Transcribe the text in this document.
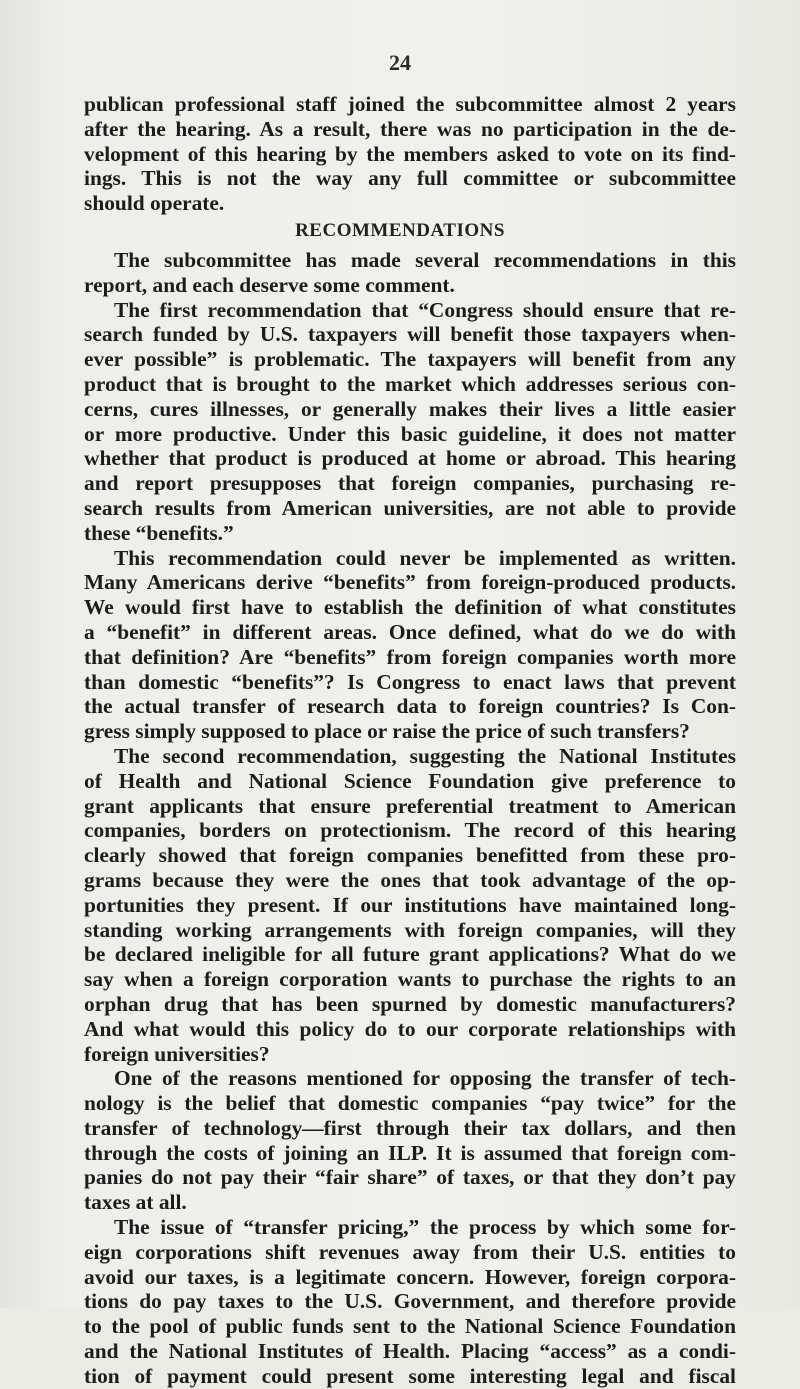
24
publican professional staff joined the subcommittee almost 2 years
after the hearing. As a result, there was no participation in the de-
velopment of this hearing by the members asked to vote on its find-
ings. This is not the way any full committee or subcommittee
should operate.
RECOMMENDATIONS
The subcommittee has made several recommendations in this
report, and each deserve some comment.
The first recommendation that “Congress should ensure that re-
search funded by U.S. taxpayers will benefit those taxpayers when-
ever possible” is problematic. The taxpayers will benefit from any
product that is brought to the market which addresses serious con-
cerns, cures illnesses, or generally makes their lives a little easier
or more productive. Under this basic guideline, it does not matter
whether that product is produced at home or abroad. This hearing
and report presupposes that foreign companies, purchasing re-
search results from American universities, are not able to provide
these “benefits.”
This recommendation could never be implemented as written.
Many Americans derive “benefits” from foreign-produced products.
We would first have to establish the definition of what constitutes
a “benefit” in different areas. Once defined, what do we do with
that definition? Are “benefits” from foreign companies worth more
than domestic “benefits”? Is Congress to enact laws that prevent
the actual transfer of research data to foreign countries? Is Con-
gress simply supposed to place or raise the price of such transfers?
The second recommendation, suggesting the National Institutes
of Health and National Science Foundation give preference to
grant applicants that ensure preferential treatment to American
companies, borders on protectionism. The record of this hearing
clearly showed that foreign companies benefitted from these pro-
grams because they were the ones that took advantage of the op-
portunities they present. If our institutions have maintained long-
standing working arrangements with foreign companies, will they
be declared ineligible for all future grant applications? What do we
say when a foreign corporation wants to purchase the rights to an
orphan drug that has been spurned by domestic manufacturers?
And what would this policy do to our corporate relationships with
foreign universities?
One of the reasons mentioned for opposing the transfer of tech-
nology is the belief that domestic companies “pay twice” for the
transfer of technology—first through their tax dollars, and then
through the costs of joining an ILP. It is assumed that foreign com-
panies do not pay their “fair share” of taxes, or that they don’t pay
taxes at all.
The issue of “transfer pricing,” the process by which some for-
eign corporations shift revenues away from their U.S. entities to
avoid our taxes, is a legitimate concern. However, foreign corpora-
tions do pay taxes to the U.S. Government, and therefore provide
to the pool of public funds sent to the National Science Foundation
and the National Institutes of Health. Placing “access” as a condi-
tion of payment could present some interesting legal and fiscal
